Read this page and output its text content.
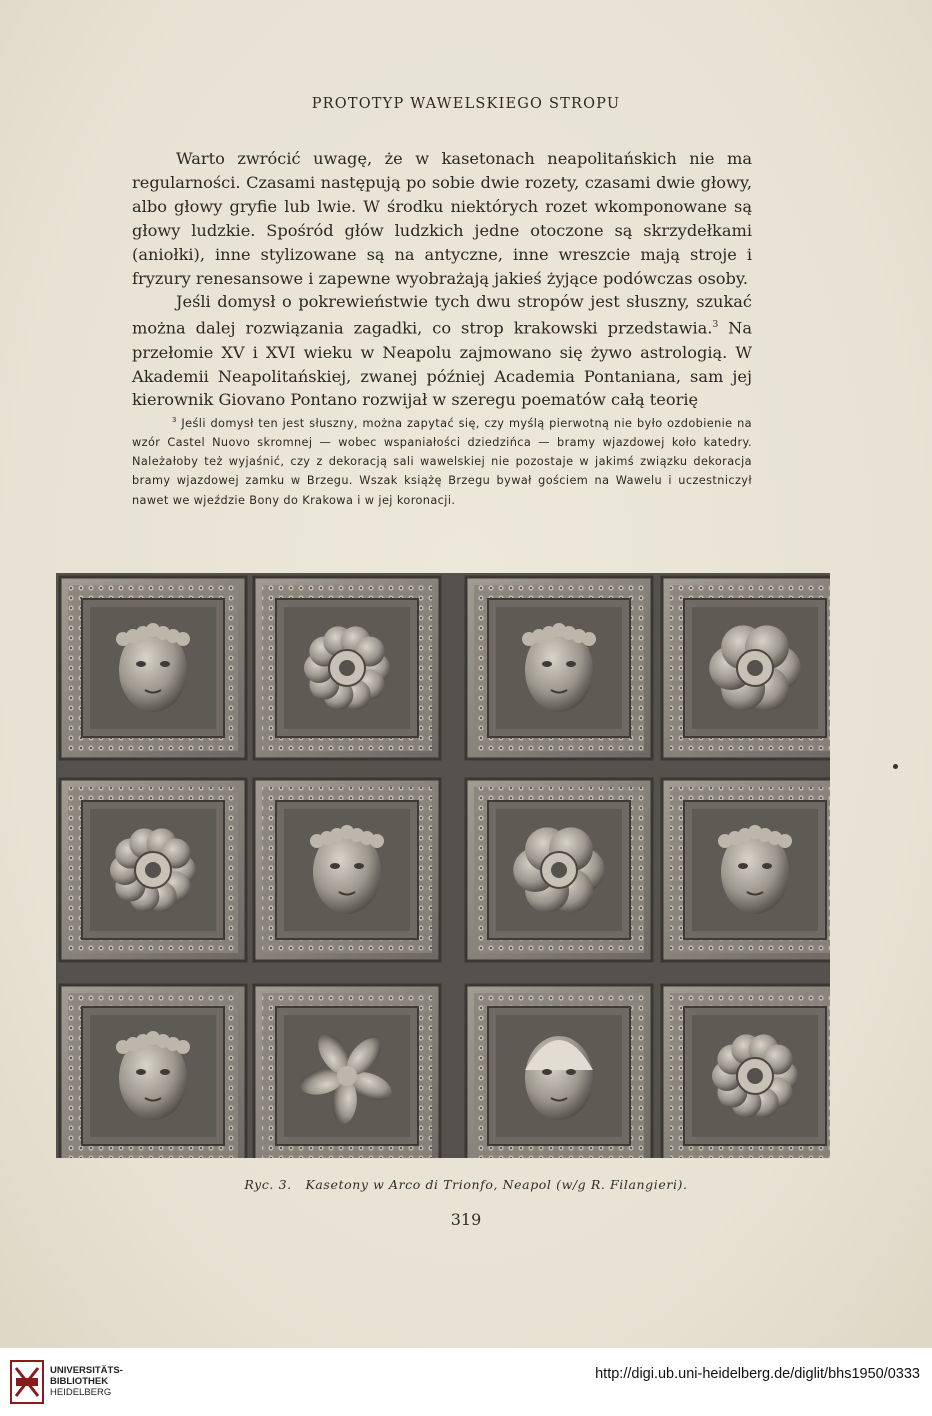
PROTOTYP WAWELSKIEGO STROPU

Warto zwrócić uwagę, że w kasetonach neapolitańskich nie ma regularności. Czasami następują po sobie dwie rozety, czasami dwie głowy, albo głowy gryfie lub lwie. W środku niektórych rozet wkomponowane są głowy ludzkie. Spośród głów ludzkich jedne otoczone są skrzydełkami (aniołki), inne stylizowane są na antyczne, inne wreszcie mają stroje i fryzury renesansowe i zapewne wyobrażają jakieś żyjące podówczas osoby.

Jeśli domysł o pokrewieństwie tych dwu stropów jest słuszny, szukać można dalej rozwiązania zagadki, co strop krakowski przedstawia.$^3$ Na przełomie XV i XVI wieku w Neapolu zajmowano się żywo astrologią. W Akademii Neapolitańskiej, zwanej później Academia Pontaniana, sam jej kierownik Giovano Pontano rozwijał w szeregu poematów całą teorię

$^3$ Jeśli domysł ten jest słuszny, można zapytać się, czy myślą pierwotną nie było ozdobienie na wzór Castel Nuovo skromnej — wobec wspaniałości dziedzińca — bramy wjazdowej koło katedry. Należałoby też wyjaśnić, czy z dekoracją sali wawelskiej nie pozostaje w jakimś związku dekoracja bramy wjazdowej zamku w Brzegu. Wszak książę Brzegu bywał gościem na Wawelu i uczestniczył nawet we wjeździe Bony do Krakowa i w jej koronacji.

Ryc. 3. Kasetony w Arco di Trionfo, Neapol (w/g R. Filangieri).
319
UNIVERSITÄTS-
BIBLIOTHEK
HEIDELBERG
http://digi.ub.uni-heidelberg.de/diglit/bhs1950/0333
